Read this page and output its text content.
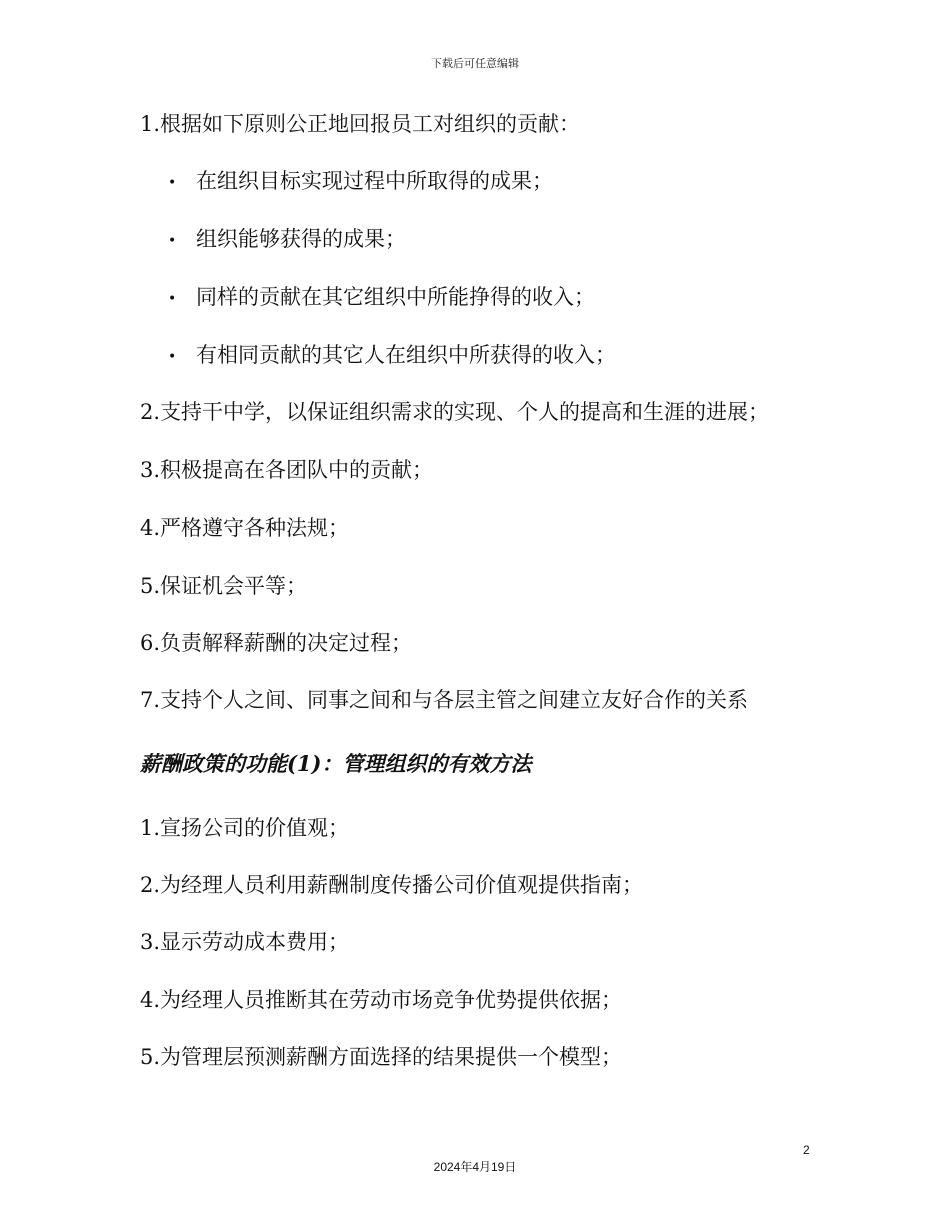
下载后可任意编辑
1.根据如下原则公正地回报员工对组织的贡献：
• 在组织目标实现过程中所取得的成果；
• 组织能够获得的成果；
• 同样的贡献在其它组织中所能挣得的收入；
• 有相同贡献的其它人在组织中所获得的收入；
2.支持干中学，以保证组织需求的实现、个人的提高和生涯的进展；
3.积极提高在各团队中的贡献；
4.严格遵守各种法规；
5.保证机会平等；
6.负责解释薪酬的决定过程；
7.支持个人之间、同事之间和与各层主管之间建立友好合作的关系
薪酬政策的功能(1)：管理组织的有效方法
1.宣扬公司的价值观；
2.为经理人员利用薪酬制度传播公司价值观提供指南；
3.显示劳动成本费用；
4.为经理人员推断其在劳动市场竞争优势提供依据；
5.为管理层预测薪酬方面选择的结果提供一个模型；
2
2024年4月19日
